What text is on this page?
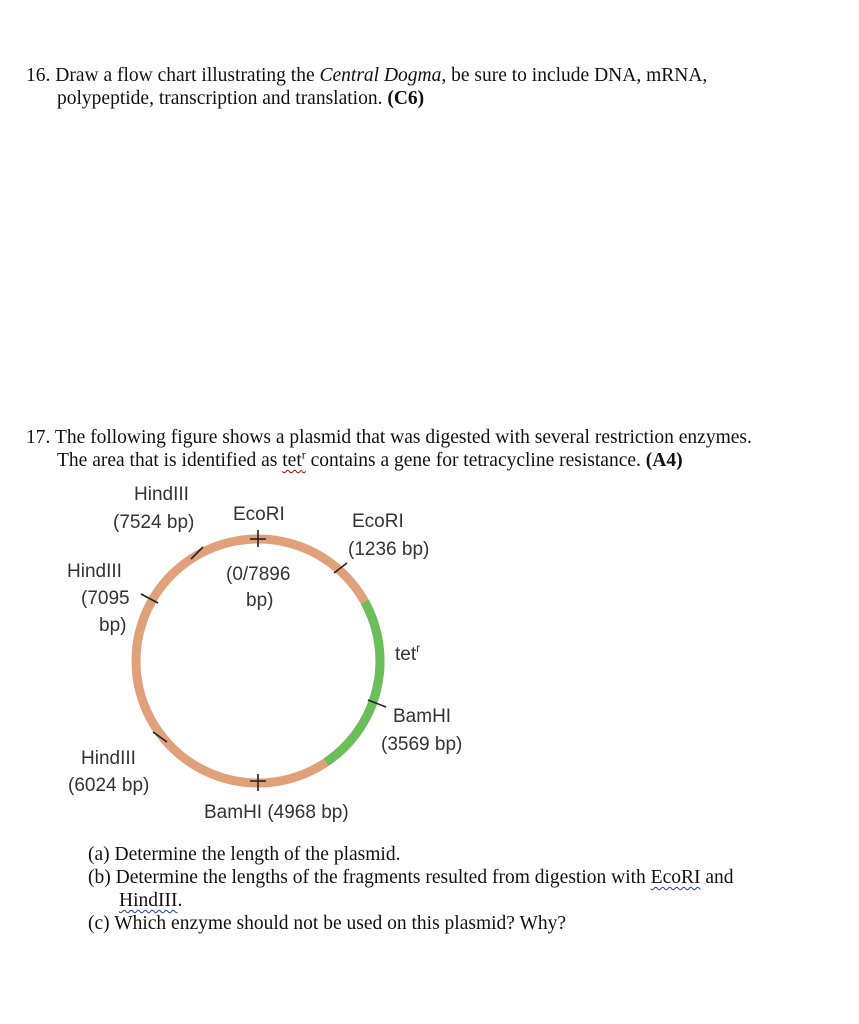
16. Draw a flow chart illustrating the Central Dogma, be sure to include DNA, mRNA,
polypeptide, transcription and translation. (C6)
17. The following figure shows a plasmid that was digested with several restriction enzymes.
The area that is identified as tet$^r$ contains a gene for tetracycline resistance. (A4)
HindIII
(7524 bp) EcoRI
(0/7896
bp)
EcoRI
(1236 bp)
HindIII
(7095
bp)
tet$^r$
BamHI
(3569 bp)
HindIII
(6024 bp)
BamHI (4968 bp)
(a) Determine the length of the plasmid.
(b) Determine the lengths of the fragments resulted from digestion with EcoRI and
HindIII.
(c) Which enzyme should not be used on this plasmid? Why?
